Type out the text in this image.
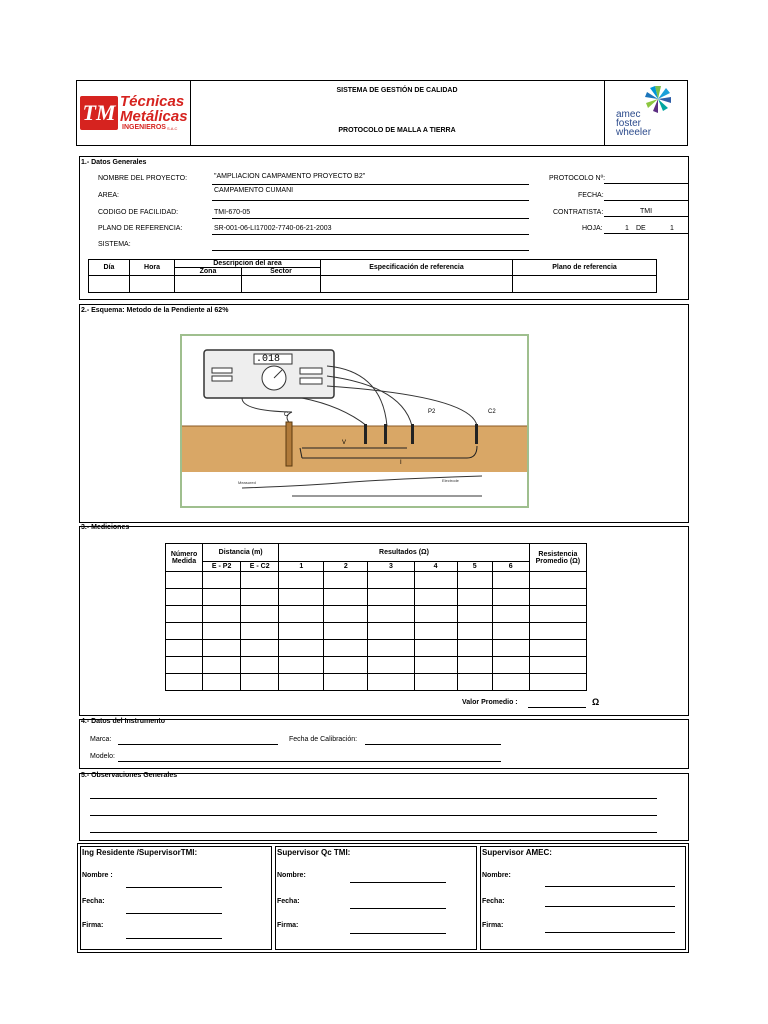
TM Técnicas
Metálicas
INGENIEROS S.A.C
SISTEMA DE GESTIÓN DE CALIDAD
PROTOCOLO DE MALLA A TIERRA
amec
foster
wheeler
1.- Datos Generales
NOMBRE DEL PROYECTO:	"AMPLIACION CAMPAMENTO PROYECTO B2"
AREA:
CAMPAMENTO CUMANI
CODIGO DE FACILIDAD:	TMI-670-05
PLANO DE REFERENCIA:	SR-001-06-LI17002-7740-06-21-2003
SISTEMA:
PROTOCOLO Nº:
FECHA:
CONTRATISTA:	TMI
HOJA:	1 DE	1
Día	Hora	Descripcion del area		Especificación de referencia	Plano de referencia
		Zona	Sector		

2.- Esquema: Metodo de la Pendiente al 62%
Measured	Electrode
.018
C	P2	C2
V
I
3.- Mediciones
Número Medida	Distancia (m)		Resultados (Ω)						Resistencia Promedio (Ω)
	E - P2	E - C2	1	2	3	4	5	6	

Valor Promedio :	Ω
4.- Datos del Instrumento
Marca:	Fecha de Calibración:
Modelo:
5.- Observaciones Generales
Ing Residente /SupervisorTMI:	Supervisor Qc TMI:	Supervisor AMEC:
Nombre :
Fecha:
Firma:
Nombre:
Fecha:
Firma:
Nombre:
Fecha:
Firma:
